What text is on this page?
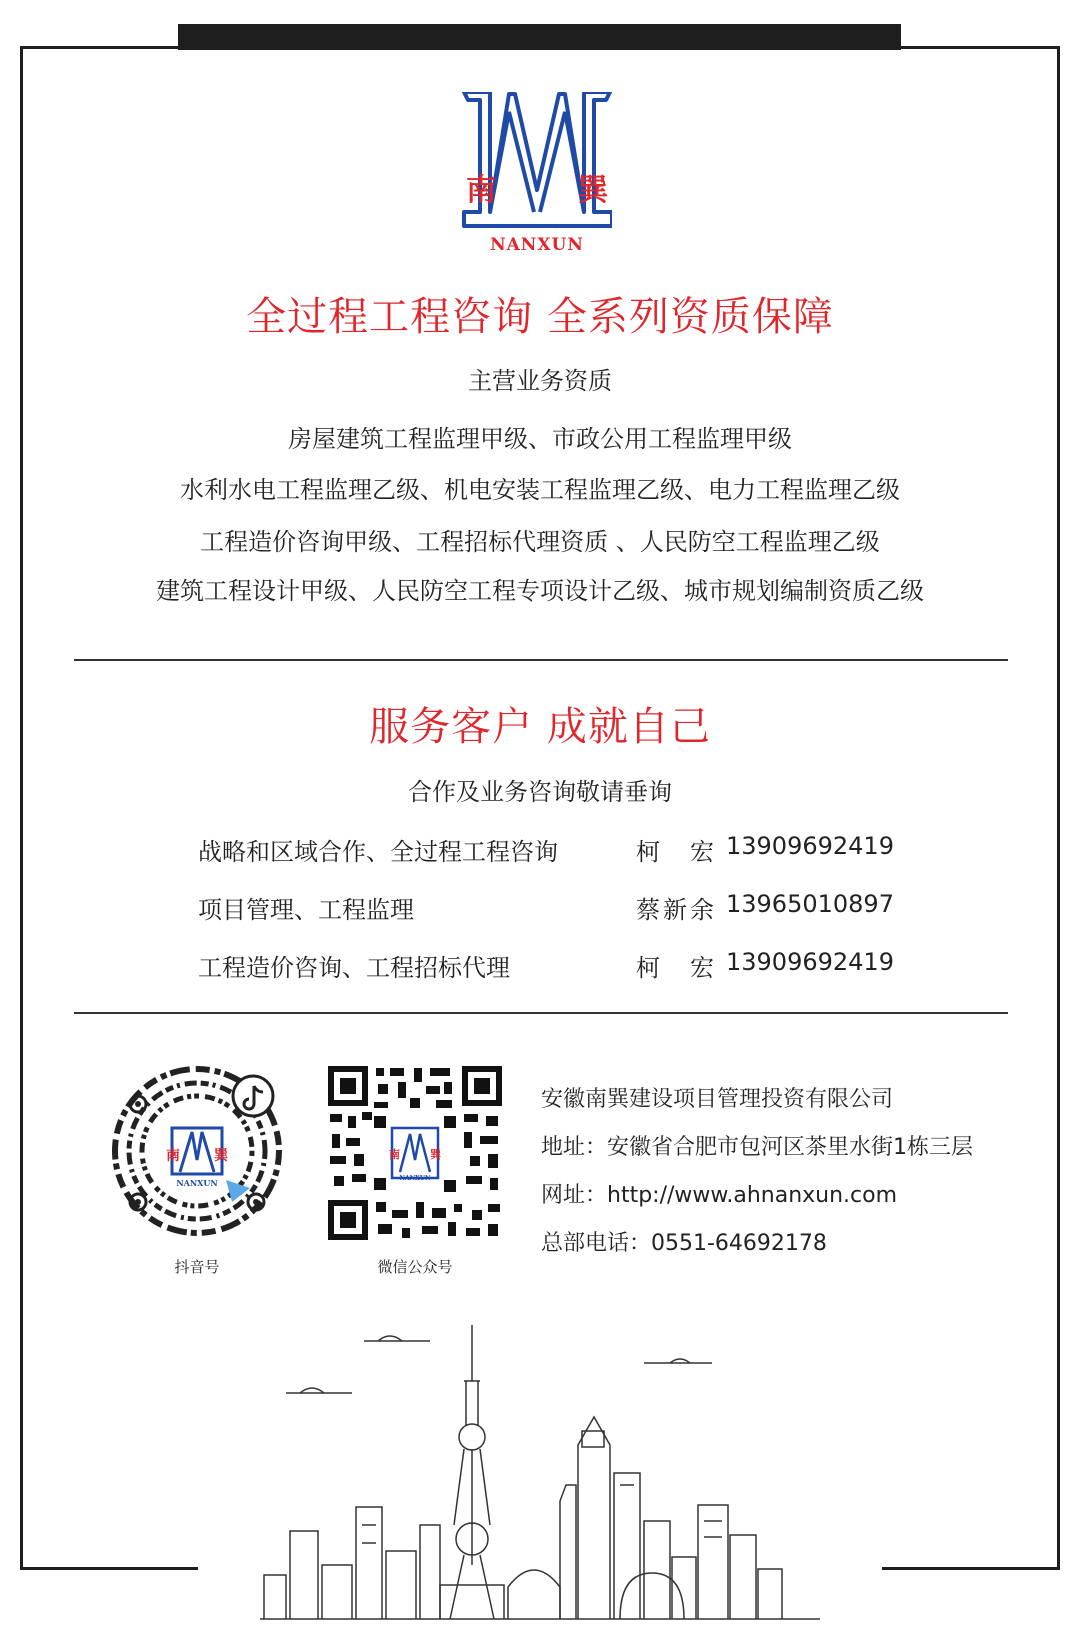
南	巽
NANXUN
全过程工程咨询 全系列资质保障
主营业务资质
房屋建筑工程监理甲级、市政公用工程监理甲级
水利水电工程监理乙级、机电安装工程监理乙级、电力工程监理乙级
工程造价咨询甲级、工程招标代理资质 、人民防空工程监理乙级
建筑工程设计甲级、人民防空工程专项设计乙级、城市规划编制资质乙级
服务客户 成就自己
合作及业务咨询敬请垂询
战略和区域合作、全过程工程咨询	柯宏 13909692419
项目管理、工程监理	蔡新余 13965010897
工程造价咨询、工程招标代理	柯宏 13909692419
南 巽
NANXUN
抖音号
南	巽
NANXUN
微信公众号
安徽南巽建设项目管理投资有限公司
地址：安徽省合肥市包河区茶里水街1栋三层
网址：http://www.ahnanxun.com
总部电话：0551-64692178
